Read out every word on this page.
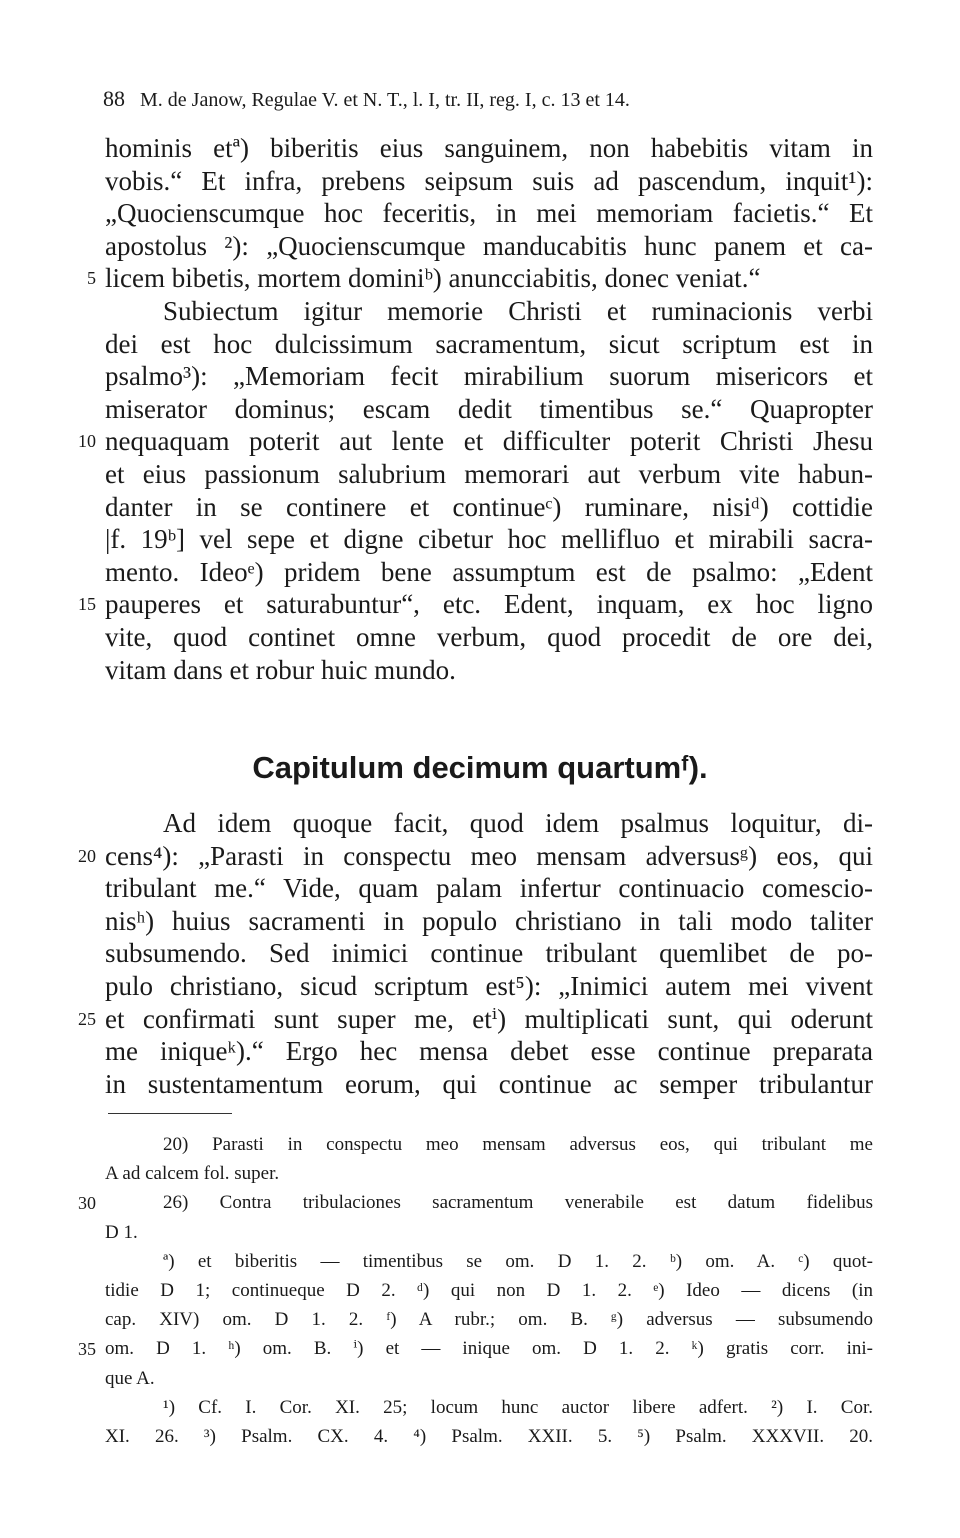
88 M. de Janow, Regulae V. et N. T., l. I, tr. II, reg. I, c. 13 et 14.
hominis etª) biberitis eius sanguinem, non habebitis vitam in
vobis.“ Et infra, prebens seipsum suis ad pascendum, inquit¹):
„Quocienscumque hoc feceritis, in mei memoriam facietis.“ Et
apostolus ²): „Quocienscumque manducabitis hunc panem et ca-
licem bibetis, mortem dominiᵇ) anuncciabitis, donec veniat.“
5
Subiectum igitur memorie Christi et ruminacionis verbi
dei est hoc dulcissimum sacramentum, sicut scriptum est in
psalmo³): „Memoriam fecit mirabilium suorum misericors et
miserator dominus; escam dedit timentibus se.“ Quapropter
nequaquam poterit aut lente et difficulter poterit Christi Jhesu
10
et eius passionum salubrium memorari aut verbum vite habun-
danter in se continere et continueᶜ) ruminare, nisiᵈ) cottidie
|f. 19ᵇ] vel sepe et digne cibetur hoc mellifluo et mirabili sacra-
mento. Ideoᵉ) pridem bene assumptum est de psalmo: „Edent
pauperes et saturabuntur“, etc. Edent, inquam, ex hoc ligno
15
vite, quod continet omne verbum, quod procedit de ore dei,
vitam dans et robur huic mundo.
Capitulum decimum quartumᶠ).
Ad idem quoque facit, quod idem psalmus loquitur, di-
cens⁴): „Parasti in conspectu meo mensam adversusᵍ) eos, qui
20
tribulant me.“ Vide, quam palam infertur continuacio comescio-
nisʰ) huius sacramenti in populo christiano in tali modo taliter
subsumendo. Sed inimici continue tribulant quemlibet de po-
pulo christiano, sicud scriptum est⁵): „Inimici autem mei vivent
et confirmati sunt super me, etⁱ) multiplicati sunt, qui oderunt
25
me iniqueᵏ).“ Ergo hec mensa debet esse continue preparata
in sustentamentum eorum, qui continue ac semper tribulantur
20) Parasti in conspectu meo mensam adversus eos, qui tribulant me
A ad calcem fol. super.
26) Contra tribulaciones sacramentum venerabile est datum fidelibus
30
D 1.
ª) et biberitis — timentibus se om. D 1. 2. ᵇ) om. A. ᶜ) quot-
tidie D 1; continueque D 2. ᵈ) qui non D 1. 2. ᵉ) Ideo — dicens (in
cap. XIV) om. D 1. 2. ᶠ) A rubr.; om. B. ᵍ) adversus — subsumendo
om. D 1. ʰ) om. B. ⁱ) et — inique om. D 1. 2. ᵏ) gratis corr. ini-
35
que A.
¹) Cf. I. Cor. XI. 25; locum hunc auctor libere adfert. ²) I. Cor.
XI. 26. ³) Psalm. CX. 4. ⁴) Psalm. XXII. 5. ⁵) Psalm. XXXVII. 20.
